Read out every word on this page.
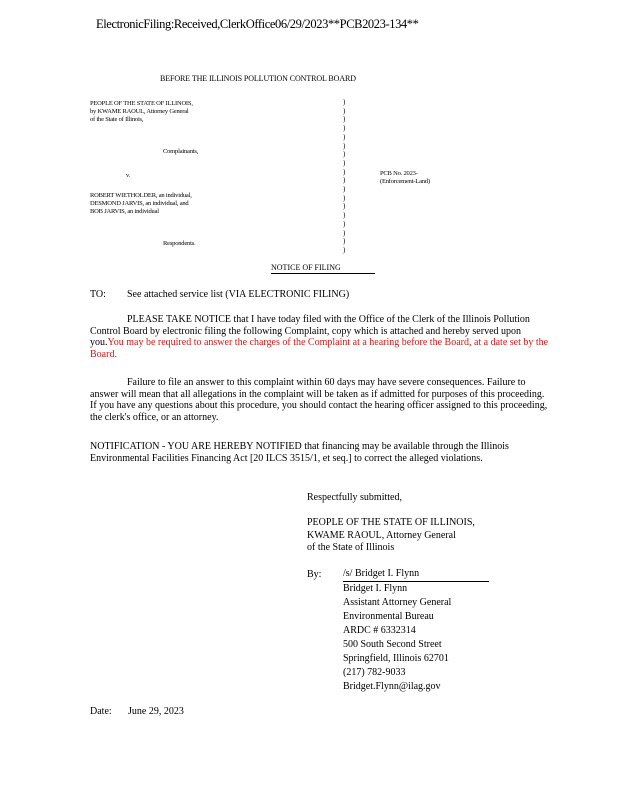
ElectronicFiling:Received,ClerkOffice06/29/2023**PCB2023-134**
BEFORE THE ILLINOIS POLLUTION CONTROL BOARD
PEOPLE OF THE STATE OF ILLINOIS,
by KWAME RAOUL, Attorney General
of the State of Illinois,
Complainants,
v.
ROBERT WIETHOLDER, an individual,
DESMOND JARVIS, an individual, and
BOB JARVIS, an individual
Respondents.
)
)
)
)
)
)
)
)
)
)
)
)
)
)
)
)
)
)
PCB No. 2023-
(Enforcement-Land)
NOTICE OF FILING
TO: See attached service list (VIA ELECTRONIC FILING)
PLEASE TAKE NOTICE that I have today filed with the Office of the Clerk of the Illinois Pollution Control Board by electronic filing the following Complaint, copy which is attached and hereby served upon you.You may be required to answer the charges of the Complaint at a hearing before the Board, at a date set by the Board.
Failure to file an answer to this complaint within 60 days may have severe consequences. Failure to answer will mean that all allegations in the complaint will be taken as if admitted for purposes of this proceeding. If you have any questions about this procedure, you should contact the hearing officer assigned to this proceeding, the clerk's office, or an attorney.
NOTIFICATION - YOU ARE HEREBY NOTIFIED that financing may be available through the Illinois Environmental Facilities Financing Act [20 ILCS 3515/1, et seq.] to correct the alleged violations.
Respectfully submitted,
PEOPLE OF THE STATE OF ILLINOIS,
KWAME RAOUL, Attorney General
of the State of Illinois
By: /s/ Bridget I. Flynn
Bridget I. Flynn
Assistant Attorney General
Environmental Bureau
ARDC # 6332314
500 South Second Street
Springfield, Illinois 62701
(217) 782-9033
Bridget.Flynn@ilag.gov
Date: June 29, 2023
